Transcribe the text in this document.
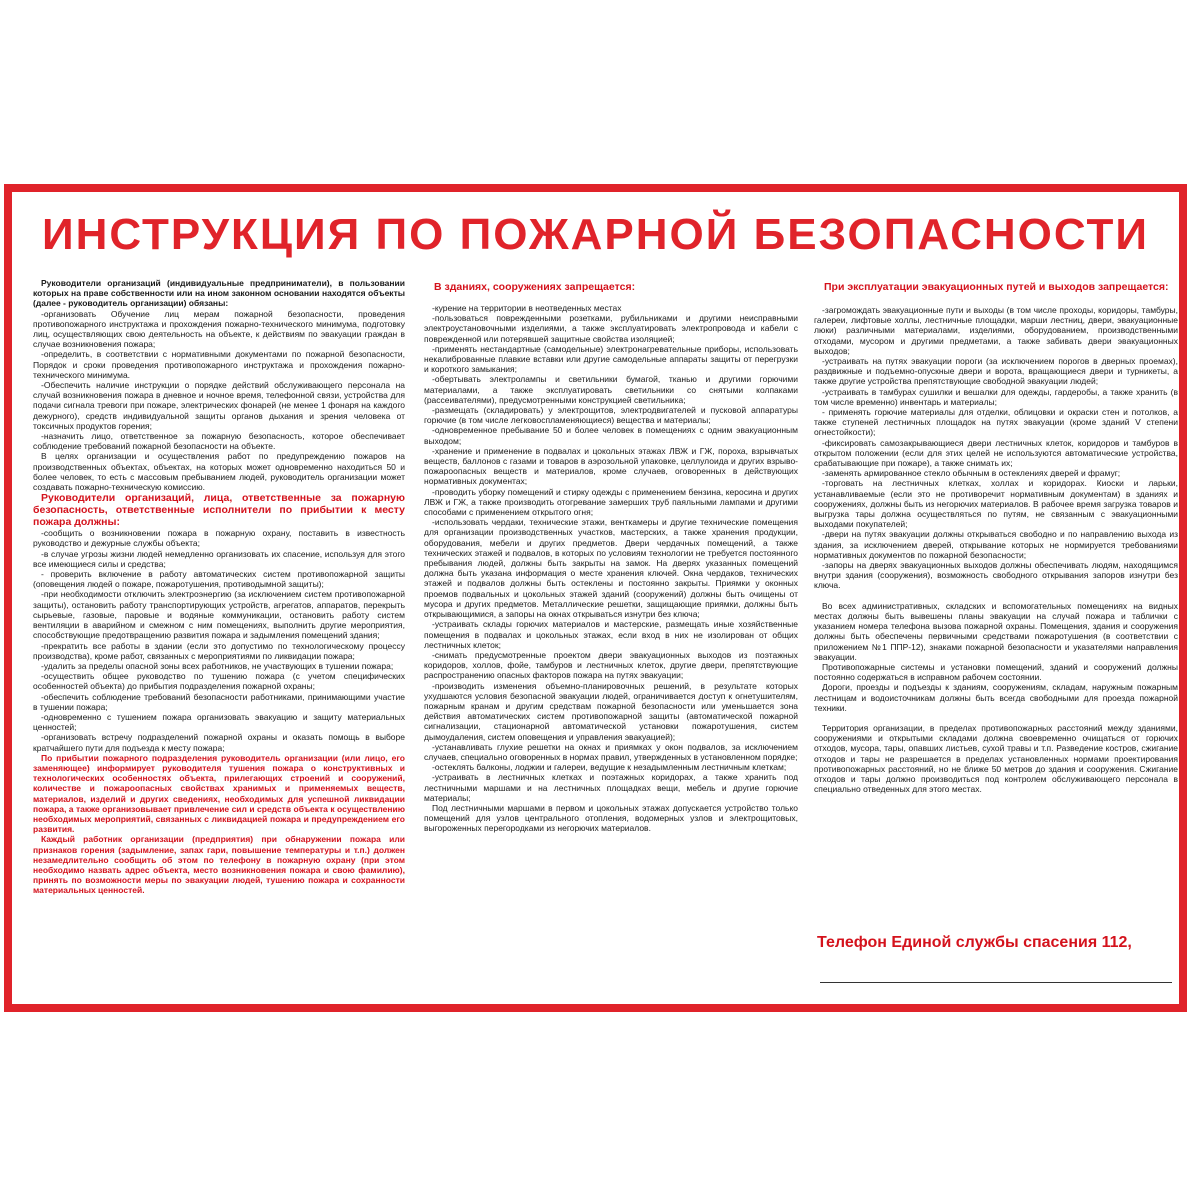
ИНСТРУКЦИЯ ПО ПОЖАРНОЙ БЕЗОПАСНОСТИ

Руководители организаций (индивидуальные предприниматели), в пользовании которых на праве собственности или на ином законном основании находятся объекты (далее - руководитель организации) обязаны:

-организовать Обучение лиц мерам пожарной безопасности, проведения противопожарного инструктажа и прохождения пожарно-технического минимума, подготовку лиц, осуществляющих свою деятельность на объекте, к действиям по эвакуации граждан в случае возникновения пожара;

-определить, в соответствии с нормативными документами по пожарной безопасности, Порядок и сроки проведения противопожарного инструктажа и прохождения пожарно-технического минимума.

-Обеспечить наличие инструкции о порядке действий обслуживающего персонала на случай возникновения пожара в дневное и ночное время, телефонной связи, устройства для подачи сигнала тревоги при пожаре, электрических фонарей (не менее 1 фонаря на каждого дежурного), средств индивидуальной защиты органов дыхания и зрения человека от токсичных продуктов горения;

-назначить лицо, ответственное за пожарную безопасность, которое обеспечивает соблюдение требований пожарной безопасности на объекте.

В целях организации и осуществления работ по предупреждению пожаров на производственных объектах, объектах, на которых может одновременно находиться 50 и более человек, то есть с массовым пребыванием людей, руководитель организации может создавать пожарно-техническую комиссию.

Руководители организаций, лица, ответственные за пожарную безопасность, ответственные исполнители по прибытии к месту пожара должны:

-сообщить о возникновении пожара в пожарную охрану, поставить в известность руководство и дежурные службы объекта;

-в случае угрозы жизни людей немедленно организовать их спасение, используя для этого все имеющиеся силы и средства;

- проверить включение в работу автоматических систем противопожарной защиты (оповещения людей о пожаре, пожаротушения, противодымной защиты);

-при необходимости отключить электроэнергию (за исключением систем противопожарной защиты), остановить работу транспортирующих устройств, агрегатов, аппаратов, перекрыть сырьевые, газовые, паровые и водяные коммуникации, остановить работу систем вентиляции в аварийном и смежном с ним помещениях, выполнить другие мероприятия, способствующие предотвращению развития пожара и задымления помещений здания;

-прекратить все работы в здании (если это допустимо по технологическому процессу производства), кроме работ, связанных с мероприятиями по ликвидации пожара;

-удалить за пределы опасной зоны всех работников, не участвующих в тушении пожара;

-осуществить общее руководство по тушению пожара (с учетом специфических особенностей объекта) до прибытия подразделения пожарной охраны;

-обеспечить соблюдение требований безопасности работниками, принимающими участие в тушении пожара;

-одновременно с тушением пожара организовать эвакуацию и защиту материальных ценностей;

-организовать встречу подразделений пожарной охраны и оказать помощь в выборе кратчайшего пути для подъезда к месту пожара;

По прибытии пожарного подразделения руководитель организации (или лицо, его заменяющее) информирует руководителя тушения пожара о конструктивных и технологических особенностях объекта, прилегающих строений и сооружений, количестве и пожароопасных свойствах хранимых и применяемых веществ, материалов, изделий и других сведениях, необходимых для успешной ликвидации пожара, а также организовывает привлечение сил и средств объекта к осуществлению необходимых мероприятий, связанных с ликвидацией пожара и предупреждением его развития.

Каждый работник организации (предприятия) при обнаружении пожара или признаков горения (задымление, запах гари, повышение температуры и т.п.) должен незамедлительно сообщить об этом по телефону в пожарную охрану (при этом необходимо назвать адрес объекта, место возникновения пожара и свою фамилию), принять по возможности меры по эвакуации людей, тушению пожара и сохранности материальных ценностей.

В зданиях, сооружениях запрещается:

-курение на территории в неотведенных местах

-пользоваться поврежденными розетками, рубильниками и другими неисправными электроустановочными изделиями, а также эксплуатировать электропровода и кабели с поврежденной или потерявшей защитные свойства изоляцией;

-применять нестандартные (самодельные) электронагревательные приборы, использовать некалиброванные плавкие вставки или другие самодельные аппараты защиты от перегрузки и короткого замыкания;

-обертывать электролампы и светильники бумагой, тканью и другими горючими материалами, а также эксплуатировать светильники со снятыми колпаками (рассеивателями), предусмотренными конструкцией светильника;

-размещать (складировать) у электрощитов, электродвигателей и пусковой аппаратуры горючие (в том числе легковоспламеняющиеся) вещества и материалы;

-одновременное пребывание 50 и более человек в помещениях с одним эвакуационным выходом;

-хранение и применение в подвалах и цокольных этажах ЛВЖ и ГЖ, пороха, взрывчатых веществ, баллонов с газами и товаров в аэрозольной упаковке, целлулоида и других взрыво-пожароопасных веществ и материалов, кроме случаев, оговоренных в действующих нормативных документах;

-проводить уборку помещений и стирку одежды с применением бензина, керосина и других ЛВЖ и ГЖ, а также производить отогревание замерших труб паяльными лампами и другими способами с применением открытого огня;

-использовать чердаки, технические этажи, венткамеры и другие технические помещения для организации производственных участков, мастерских, а также хранения продукции, оборудования, мебели и других предметов. Двери чердачных помещений, а также технических этажей и подвалов, в которых по условиям технологии не требуется постоянного пребывания людей, должны быть закрыты на замок. На дверях указанных помещений должна быть указана информация о месте хранения ключей. Окна чердаков, технических этажей и подвалов должны быть остеклены и постоянно закрыты. Приямки у оконных проемов подвальных и цокольных этажей зданий (сооружений) должны быть очищены от мусора и других предметов. Металлические решетки, защищающие приямки, должны быть открывающимися, а запоры на окнах открываться изнутри без ключа;

-устраивать склады горючих материалов и мастерские, размещать иные хозяйственные помещения в подвалах и цокольных этажах, если вход в них не изолирован от общих лестничных клеток;

-снимать предусмотренные проектом двери эвакуационных выходов из поэтажных коридоров, холлов, фойе, тамбуров и лестничных клеток, другие двери, препятствующие распространению опасных факторов пожара на путях эвакуации;

-производить изменения объемно-планировочных решений, в результате которых ухудшаются условия безопасной эвакуации людей, ограничивается доступ к огнетушителям, пожарным кранам и другим средствам пожарной безопасности или уменьшается зона действия автоматических систем противопожарной защиты (автоматической пожарной сигнализации, стационарной автоматической установки пожаротушения, систем дымоудаления, систем оповещения и управления эвакуацией);

-устанавливать глухие решетки на окнах и приямках у окон подвалов, за исключением случаев, специально оговоренных в нормах правил, утвержденных в установленном порядке;

-остеклять балконы, лоджии и галереи, ведущие к незадымленным лестничным клеткам;

-устраивать в лестничных клетках и поэтажных коридорах, а также хранить под лестничными маршами и на лестничных площадках вещи, мебель и другие горючие материалы;

Под лестничными маршами в первом и цокольных этажах допускается устройство только помещений для узлов центрального отопления, водомерных узлов и электрощитовых, выгороженных перегородками из негорючих материалов.

При эксплуатации эвакуационных путей и выходов запрещается:

-загромождать эвакуационные пути и выходы (в том числе проходы, коридоры, тамбуры, галереи, лифтовые холлы, лестничные площадки, марши лестниц, двери, эвакуационные люки) различными материалами, изделиями, оборудованием, производственными отходами, мусором и другими предметами, а также забивать двери эвакуационных выходов;

-устраивать на путях эвакуации пороги (за исключением порогов в дверных проемах), раздвижные и подъемно-опускные двери и ворота, вращающиеся двери и турникеты, а также другие устройства препятствующие свободной эвакуации людей;

-устраивать в тамбурах сушилки и вешалки для одежды, гардеробы, а также хранить (в том числе временно) инвентарь и материалы;

- применять горючие материалы для отделки, облицовки и окраски стен и потолков, а также ступеней лестничных площадок на путях эвакуации (кроме зданий V степени огнестойкости);

-фиксировать самозакрывающиеся двери лестничных клеток, коридоров и тамбуров в открытом положении (если для этих целей не используются автоматические устройства, срабатывающие при пожаре), а также снимать их;

-заменять армированное стекло обычным в остеклениях дверей и фрамуг;

-торговать на лестничных клетках, холлах и коридорах. Киоски и ларьки, устанавливаемые (если это не противоречит нормативным документам) в зданиях и сооружениях, должны быть из негорючих материалов. В рабочее время загрузка товаров и выгрузка тары должна осуществляться по путям, не связанным с эвакуационными выходами покупателей;

-двери на путях эвакуации должны открываться свободно и по направлению выхода из здания, за исключением дверей, открывание которых не нормируется требованиями нормативных документов по пожарной безопасности;

-запоры на дверях эвакуационных выходов должны обеспечивать людям, находящимся внутри здания (сооружения), возможность свободного открывания запоров изнутри без ключа.

Во всех административных, складских и вспомогательных помещениях на видных местах должны быть вывешены планы эвакуации на случай пожара и таблички с указанием номера телефона вызова пожарной охраны. Помещения, здания и сооружения должны быть обеспечены первичными средствами пожаротушения (в соответствии с приложением №1 ППР-12), знаками пожарной безопасности и указателями направления эвакуации.

Противопожарные системы и установки помещений, зданий и сооружений должны постоянно содержаться в исправном рабочем состоянии.

Дороги, проезды и подъезды к зданиям, сооружениям, складам, наружным пожарным лестницам и водоисточникам должны быть всегда свободными для проезда пожарной техники.

Территория организации, в пределах противопожарных расстояний между зданиями, сооружениями и открытыми складами должна своевременно очищаться от горючих отходов, мусора, тары, опавших листьев, сухой травы и т.п. Разведение костров, сжигание отходов и тары не разрешается в пределах установленных нормами проектирования противопожарных расстояний, но не ближе 50 метров до здания и сооружения. Сжигание отходов и тары должно производиться под контролем обслуживающего персонала в специально отведенных для этого местах.

Телефон Единой службы спасения 112,
